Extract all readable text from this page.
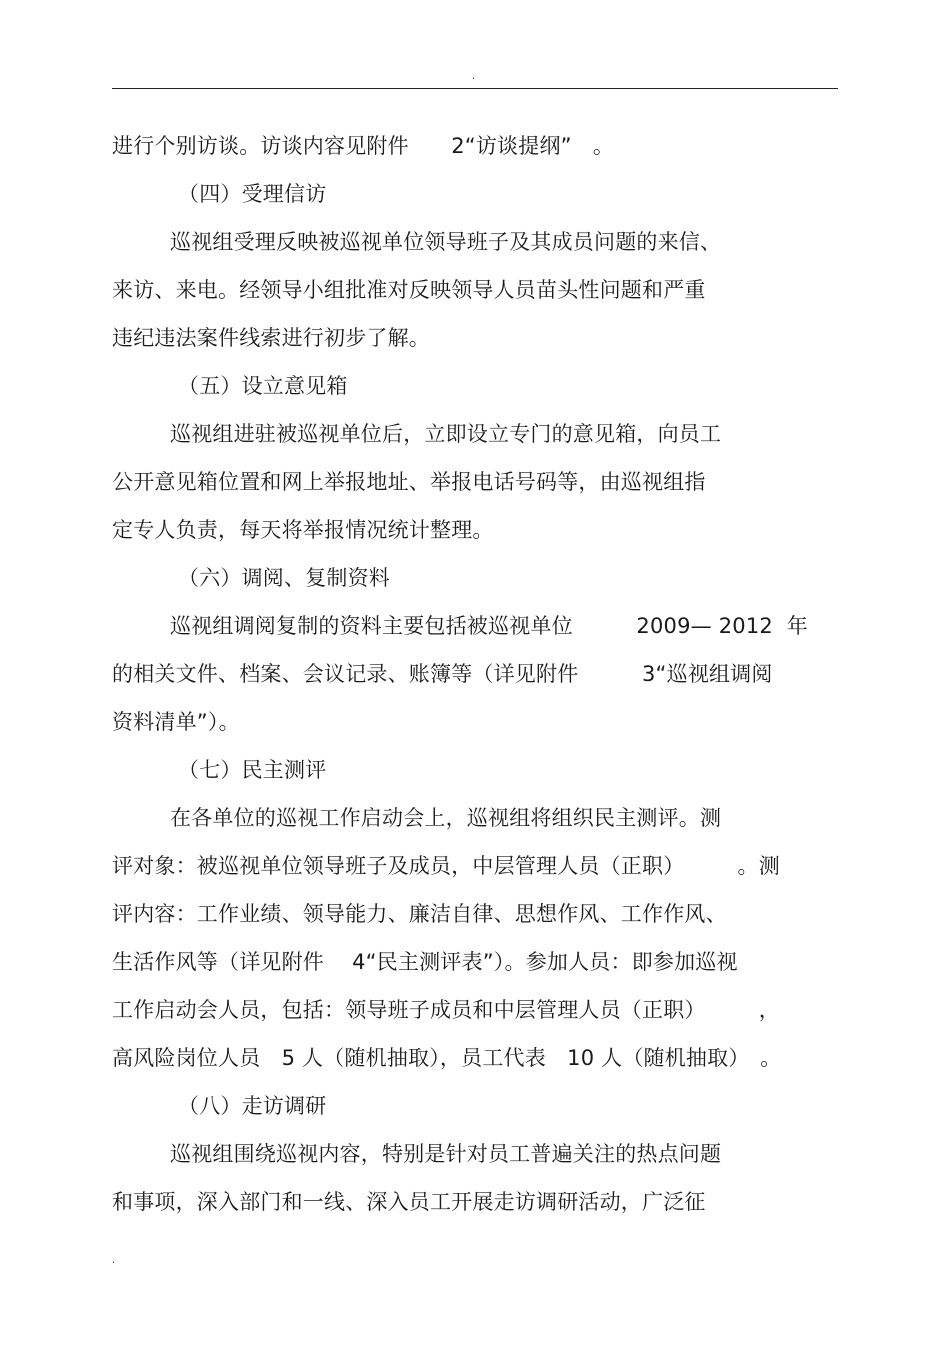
.
进行个别访谈。访谈内容见附件　　2“访谈提纲”　。
（四）受理信访
巡视组受理反映被巡视单位领导班子及其成员问题的来信、
来访、来电。经领导小组批准对反映领导人员苗头性问题和严重
违纪违法案件线索进行初步了解。
（五）设立意见箱
巡视组进驻被巡视单位后，立即设立专门的意见箱，向员工
公开意见箱位置和网上举报地址、举报电话号码等，由巡视组指
定专人负责，每天将举报情况统计整理。
（六）调阅、复制资料
巡视组调阅复制的资料主要包括被巡视单位　　　2009— 2012  年
的相关文件、档案、会议记录、账簿等（详见附件　　　3“巡视组调阅
资料清单”）。
（七）民主测评
在各单位的巡视工作启动会上，巡视组将组织民主测评。测
评对象：被巡视单位领导班子及成员，中层管理人员（正职）　　　。测
评内容：工作业绩、领导能力、廉洁自律、思想作风、工作作风、
生活作风等（详见附件　 4“民主测评表”）。参加人员：即参加巡视
工作启动会人员，包括：领导班子成员和中层管理人员（正职）　　　，
高风险岗位人员　5 人（随机抽取），员工代表　10 人（随机抽取）　。
（八）走访调研
巡视组围绕巡视内容，特别是针对员工普遍关注的热点问题
和事项，深入部门和一线、深入员工开展走访调研活动，广泛征
.
